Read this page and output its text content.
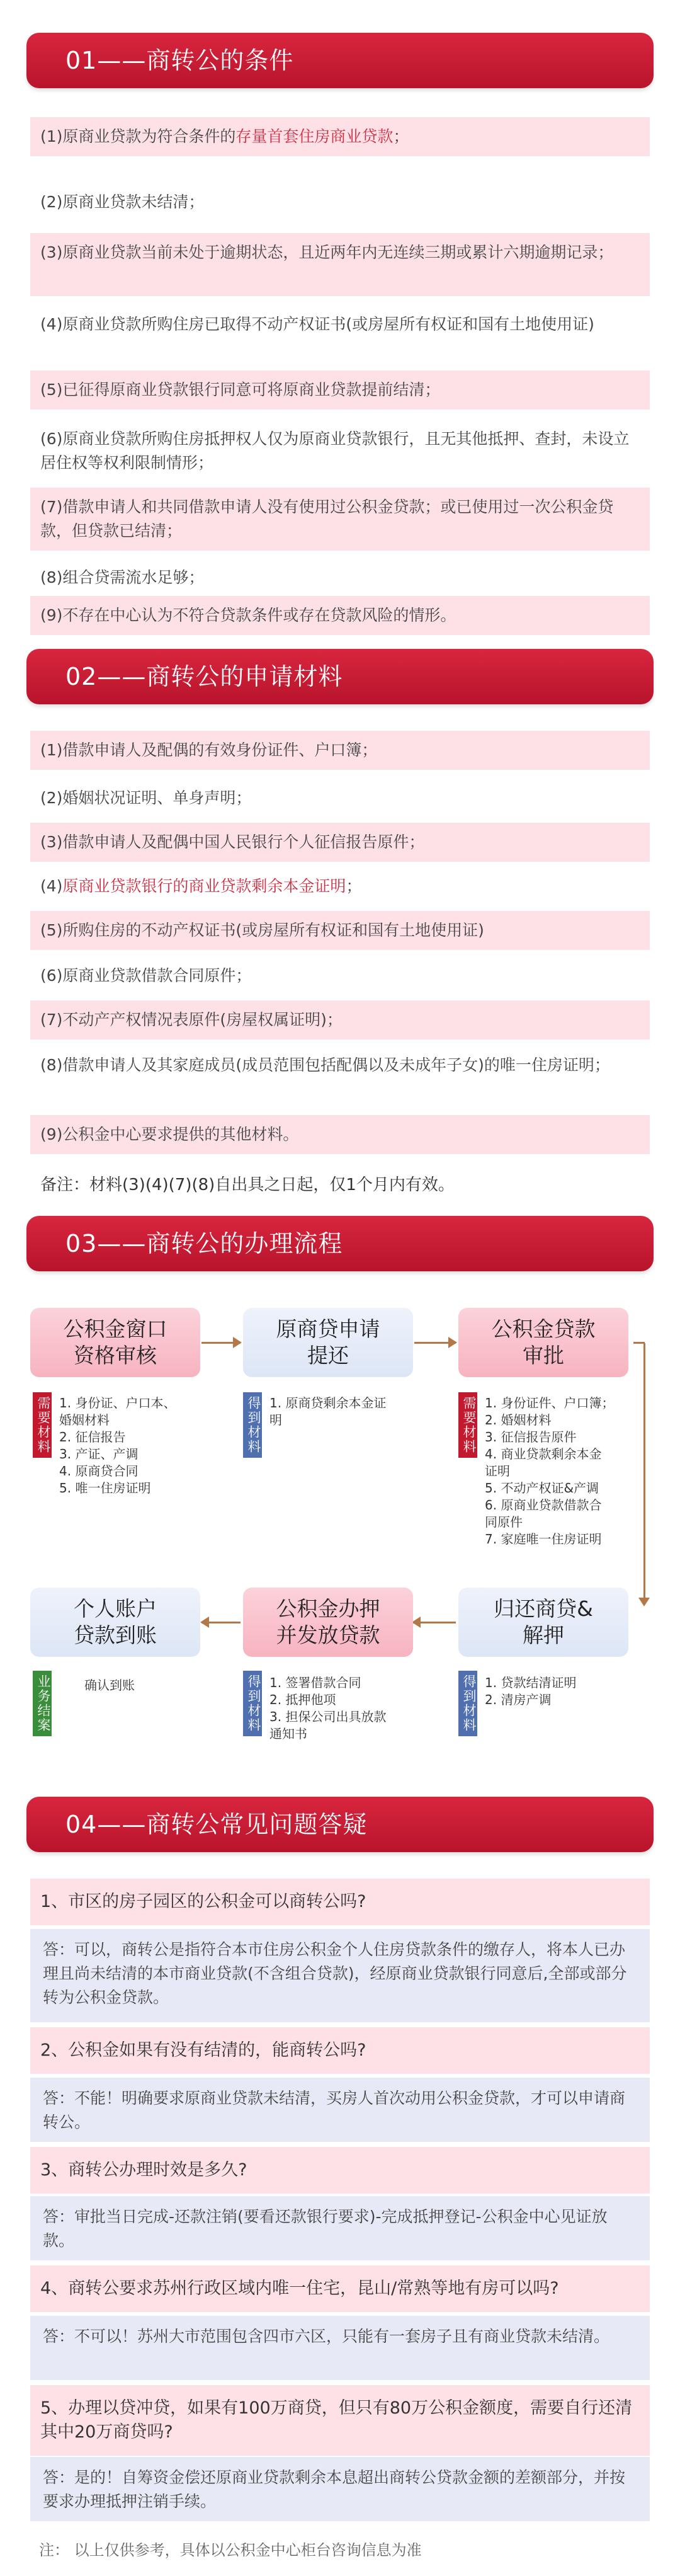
01——商转公的条件
(1)原商业贷款为符合条件的存量首套住房商业贷款；
(2)原商业贷款未结清；
(3)原商业贷款当前未处于逾期状态，且近两年内无连续三期或累计六期逾期记录；
(4)原商业贷款所购住房已取得不动产权证书(或房屋所有权证和国有土地使用证)
(5)已征得原商业贷款银行同意可将原商业贷款提前结清；
(6)原商业贷款所购住房抵押权人仅为原商业贷款银行，且无其他抵押、查封，未设立居住权等权利限制情形；
(7)借款申请人和共同借款申请人没有使用过公积金贷款；或已使用过一次公积金贷款，但贷款已结清；
(8)组合贷需流水足够；
(9)不存在中心认为不符合贷款条件或存在贷款风险的情形。
02——商转公的申请材料
(1)借款申请人及配偶的有效身份证件、户口簿；
(2)婚姻状况证明、单身声明；
(3)借款申请人及配偶中国人民银行个人征信报告原件；
(4)原商业贷款银行的商业贷款剩余本金证明；
(5)所购住房的不动产权证书(或房屋所有权证和国有土地使用证)
(6)原商业贷款借款合同原件；
(7)不动产产权情况表原件(房屋权属证明)；
(8)借款申请人及其家庭成员(成员范围包括配偶以及未成年子女)的唯一住房证明；
(9)公积金中心要求提供的其他材料。
备注：材料(3)(4)(7)(8)自出具之日起，仅1个月内有效。
03——商转公的办理流程
公积金窗口
资格审核
原商贷申请
提还
公积金贷款
审批
需要材料 1. 身份证、户口本、
婚姻材料
2. 征信报告
3. 产证、产调
4. 原商贷合同
5. 唯一住房证明
得到材料 1. 原商贷剩余本金证
明	需要材料 1. 身份证件、户口簿；
2. 婚姻材料
3. 征信报告原件
4. 商业贷款剩余本金
证明
5. 不动产权证&产调
6. 原商业贷款借款合
同原件
7. 家庭唯一住房证明
归还商贷&
解押
公积金办押
并发放贷款
个人账户
贷款到账
业务结案	确认到账	得到材料 1. 签署借款合同
2. 抵押他项
3. 担保公司出具放款
通知书
得到材料 1. 贷款结清证明
2. 清房产调
04——商转公常见问题答疑
1、市区的房子园区的公积金可以商转公吗?
答：可以，商转公是指符合本市住房公积金个人住房贷款条件的缴存人，将本人已办理且尚未结清的本市商业贷款(不含组合贷款)，经原商业贷款银行同意后,全部或部分转为公积金贷款。
2、公积金如果有没有结清的，能商转公吗?
答：不能！明确要求原商业贷款未结清，买房人首次动用公积金贷款，才可以申请商转公。
3、商转公办理时效是多久?
答：审批当日完成-还款注销(要看还款银行要求)-完成抵押登记-公积金中心见证放款。
4、商转公要求苏州行政区域内唯一住宅，昆山/常熟等地有房可以吗?
答：不可以！苏州大市范围包含四市六区，只能有一套房子且有商业贷款未结清。
5、办理以贷冲贷，如果有100万商贷，但只有80万公积金额度，需要自行还清其中20万商贷吗?
答：是的！自筹资金偿还原商业贷款剩余本息超出商转公贷款金额的差额部分，并按要求办理抵押注销手续。
注： 以上仅供参考，具体以公积金中心柜台咨询信息为准
